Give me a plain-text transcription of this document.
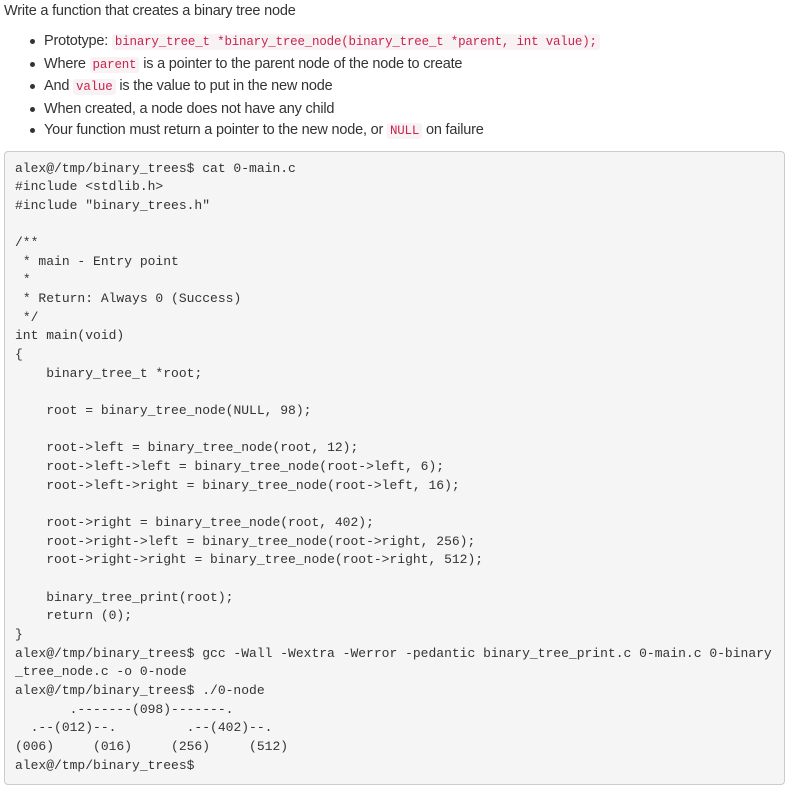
Write a function that creates a binary tree node

Prototype: binary_tree_t *binary_tree_node(binary_tree_t *parent, int value);
Where parent is a pointer to the parent node of the node to create
And value is the value to put in the new node
When created, a node does not have any child
Your function must return a pointer to the new node, or NULL on failure
alex@/tmp/binary_trees$ cat 0-main.c
#include <stdlib.h>
#include "binary_trees.h"

/**
* main - Entry point
*
* Return: Always 0 (Success)
*/
int main(void)
{
binary_tree_t *root;

root = binary_tree_node(NULL, 98);

root->left = binary_tree_node(root, 12);
root->left->left = binary_tree_node(root->left, 6);
root->left->right = binary_tree_node(root->left, 16);

root->right = binary_tree_node(root, 402);
root->right->left = binary_tree_node(root->right, 256);
root->right->right = binary_tree_node(root->right, 512);

binary_tree_print(root);
return (0);
}
alex@/tmp/binary_trees$ gcc -Wall -Wextra -Werror -pedantic binary_tree_print.c 0-main.c 0-binary_tree_node.c -o 0-node
alex@/tmp/binary_trees$ ./0-node
.-------(098)-------.
.--(012)--.         .--(402)--.
(006)     (016)     (256)     (512)
alex@/tmp/binary_trees$
